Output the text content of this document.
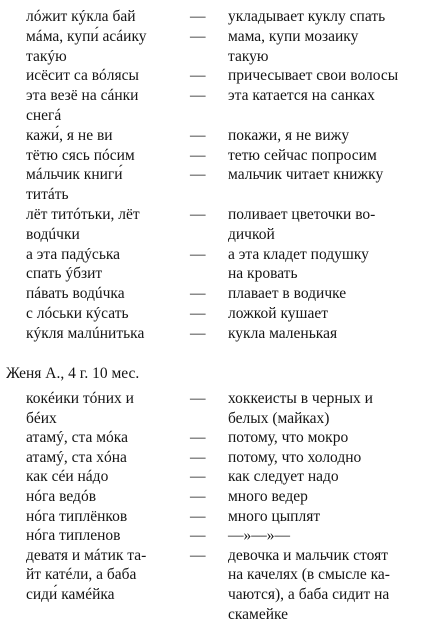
лóжит кýкла бай	— укладывает куклу спать
мáма, купи́ асáику	— мама, купи мозаику
такýю	такую
исёсит са вóлясы	— причесывает свои волосы
эта везё на сáнки	— эта катается на санках
снегá
кажи́, я не ви	— покажи, я не вижу
тётю сясь пóсим	— тетю сейчас попросим
мáльчик книги́	— мальчик читает книжку
титáть
лёт титóтьки, лёт	— поливает цветочки во-
водúчки	дичкой
а эта падýська	— а эта кладет подушку
спать ýбзит	на кровать
пáвать водúчка	— плавает в водичке
с лóськи кýсать	— ложкой кушает
кýкля малúнитька	— кукла маленькая
Женя А., 4 г. 10 мес.
кокéики тóних и	— хоккеисты в черных и
бéих	белых (майках)
атамý, ста мóка	— потому, что мокро
атамý, ста хóна	— потому, что холодно
как сéи нáдо	— как следует надо
нóга ведóв	— много ведер
нóга типлёнков	— много цыплят
нóга типленов	— —»—»—
деватя и мáтик та-	— девочка и мальчик стоят
йт катéли, а баба	на качелях (в смысле ка-
сиди́ камéйка	чаются), а баба сидит на
скамейке
